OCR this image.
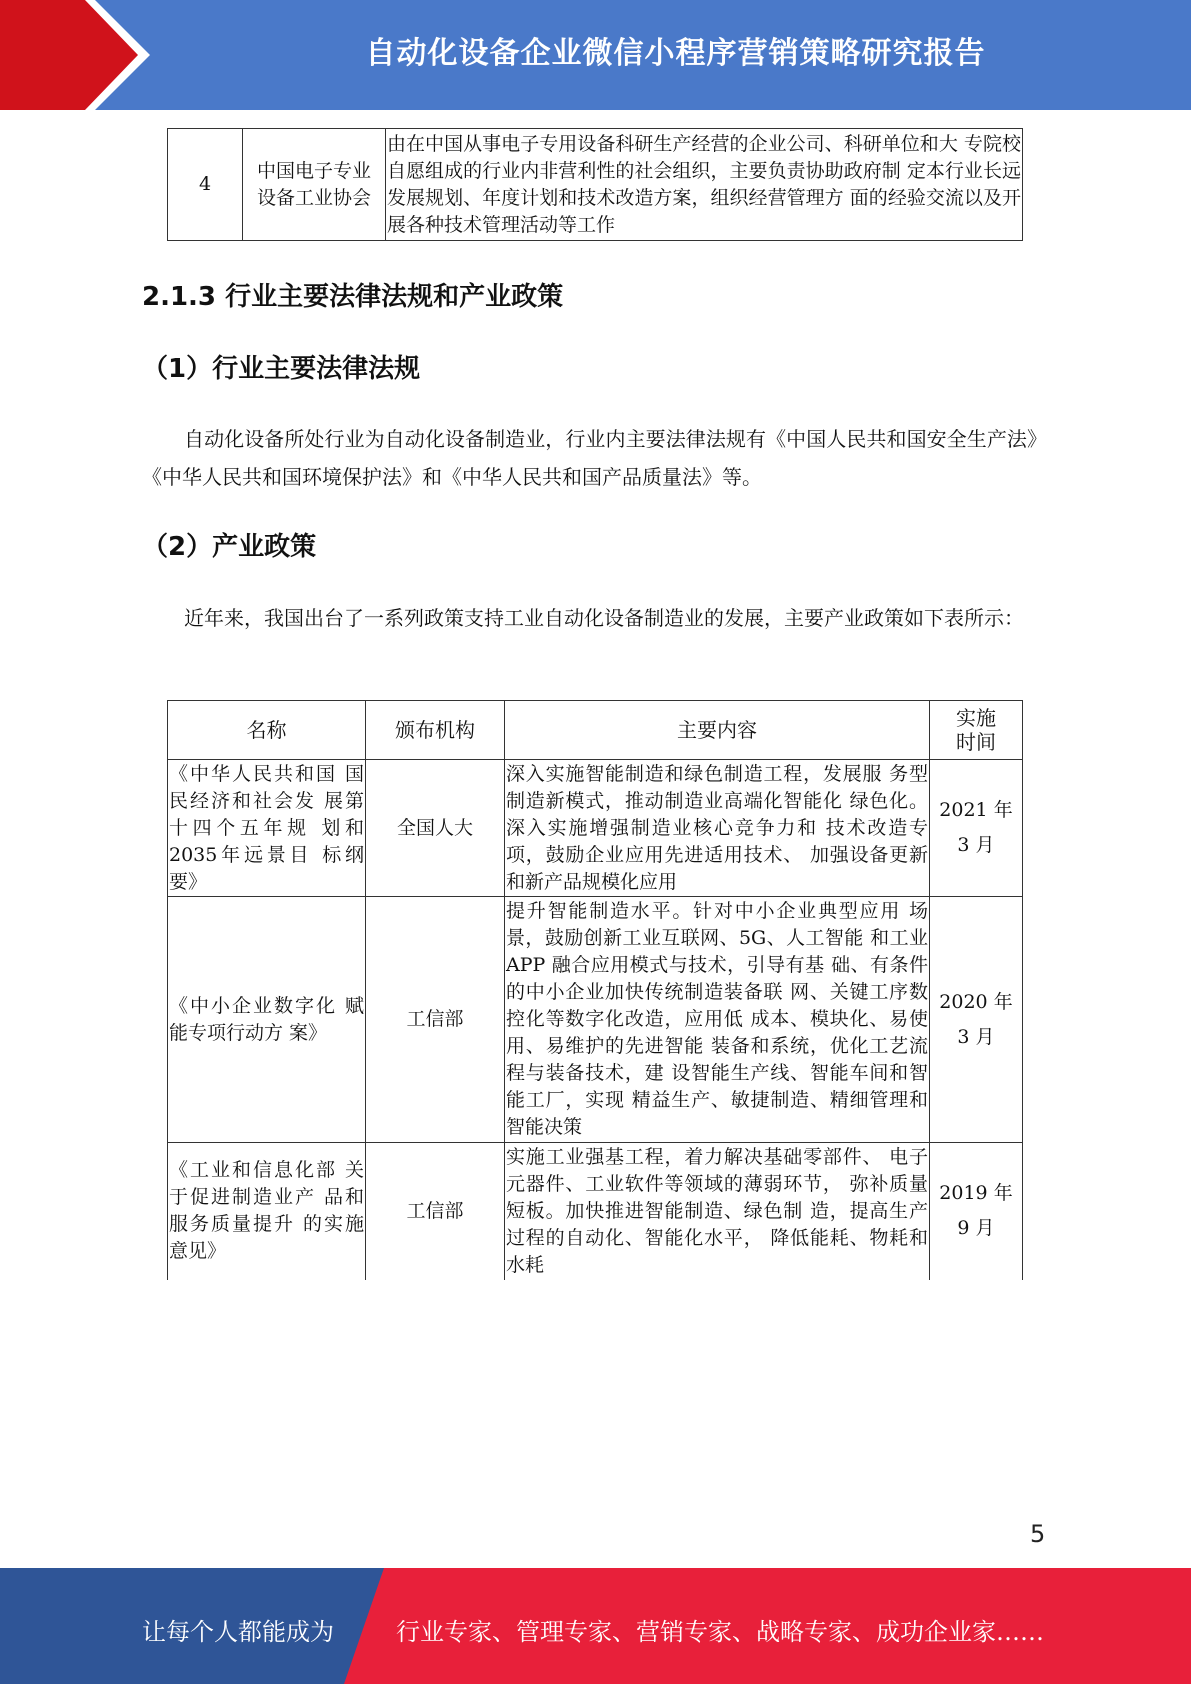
自动化设备企业微信小程序营销策略研究报告
4	中国电子专业设备工业协会	由在中国从事电子专用设备科研生产经营的企业公司、科研单位和大 专院校自愿组成的行业内非营利性的社会组织，主要负责协助政府制 定本行业长远发展规划、年度计划和技术改造方案，组织经营管理方 面的经验交流以及开展各种技术管理活动等工作
2.1.3 行业主要法律法规和产业政策
（1）行业主要法律法规
自动化设备所处行业为自动化设备制造业，行业内主要法律法规有《中国人民共和国安全生产法》《中华人民共和国环境保护法》和《中华人民共和国产品质量法》等。
（2）产业政策
近年来，我国出台了一系列政策支持工业自动化设备制造业的发展，主要产业政策如下表所示：
名称	颁布机构	主要内容	实施时间
《中华人民共和国 国民经济和社会发 展第十四个五年规 划和2035年远景目 标纲要》	全国人大	深入实施智能制造和绿色制造工程，发展服 务型制造新模式，推动制造业高端化智能化 绿色化。深入实施增强制造业核心竞争力和 技术改造专项，鼓励企业应用先进适用技术、 加强设备更新和新产品规模化应用	2021 年 3 月
《中小企业数字化 赋能专项行动方 案》	工信部	提升智能制造水平。针对中小企业典型应用 场景，鼓励创新工业互联网、5G、人工智能 和工业 APP 融合应用模式与技术，引导有基 础、有条件的中小企业加快传统制造装备联 网、关键工序数控化等数字化改造，应用低 成本、模块化、易使用、易维护的先进智能 装备和系统，优化工艺流程与装备技术，建 设智能生产线、智能车间和智能工厂，实现 精益生产、敏捷制造、精细管理和智能决策	2020 年 3 月
《工业和信息化部 关于促进制造业产 品和服务质量提升 的实施意见》	工信部	实施工业强基工程，着力解决基础零部件、 电子元器件、工业软件等领域的薄弱环节， 弥补质量短板。加快推进智能制造、绿色制 造，提高生产过程的自动化、智能化水平， 降低能耗、物耗和水耗	2019 年 9 月
5
让每个人都能成为	行业专家、管理专家、营销专家、战略专家、成功企业家……
